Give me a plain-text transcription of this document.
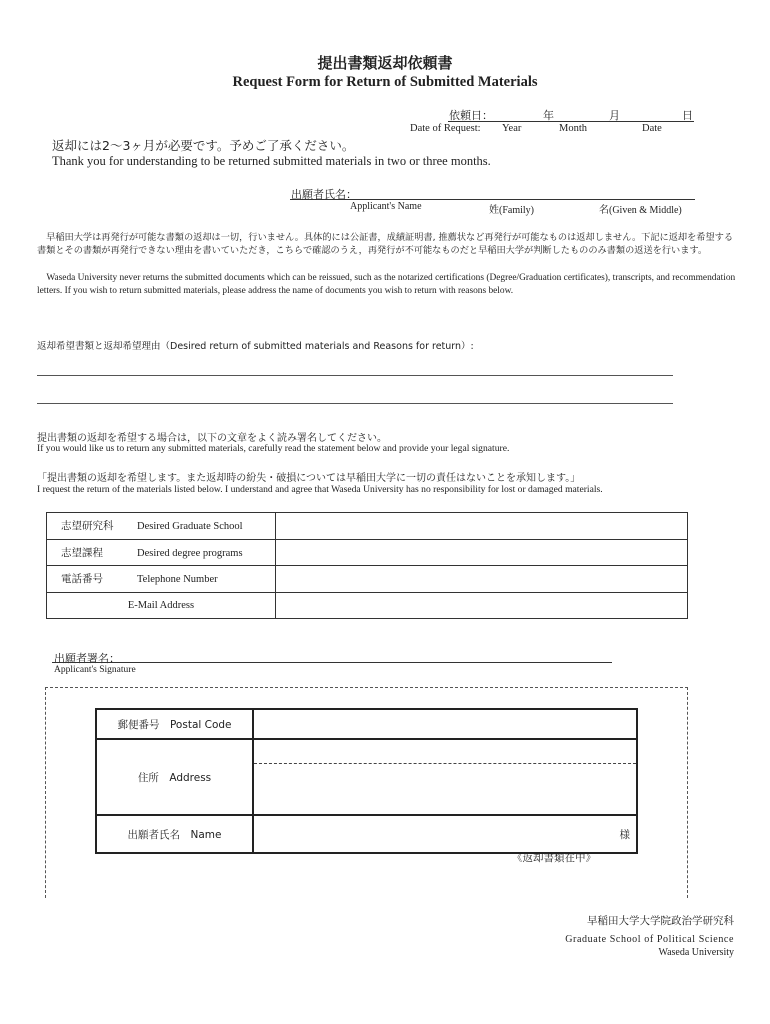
提出書類返却依頼書
Request Form for Return of Submitted Materials
依頼日：	年	月	日
Date of Request: Year	Month	Date
返却には2～3ヶ月が必要です。予めご了承ください。
Thank you for understanding to be returned submitted materials in two or three months.
出願者氏名：
Applicant's Name	姓(Family)	名(Given & Middle)
　早稲田大学は再発行が可能な書類の返却は一切，行いません。具体的には公証書，成績証明書, 推薦状など再発行が可能なものは返却しません。下記に返却を希望する書類とその書類が再発行できない理由を書いていただき，こちらで確認のうえ，再発行が不可能なものだと早稲田大学が判断したもののみ書類の返送を行います。
　Waseda University never returns the submitted documents which can be reissued, such as the notarized certifications (Degree/Graduation certificates), transcripts, and recommendation letters. If you wish to return submitted materials, please address the name of documents you wish to return with reasons below.
返却希望書類と返却希望理由（Desired return of submitted materials and Reasons for return）:
提出書類の返却を希望する場合は，以下の文章をよく読み署名してください。
If you would like us to return any submitted materials, carefully read the statement below and provide your legal signature.
「提出書類の返却を希望します。また返却時の紛失・破損については早稲田大学に一切の責任はないことを承知します。」
I request the return of the materials listed below. I understand and agree that Waseda University has no responsibility for lost or damaged materials.
志望研究科 Desired Graduate School	

志望課程 Desired degree programs	

電話番号 Telephone Number	

E-Mail Address	
出願者署名：
Applicant's Signature
郵便番号　Postal Code	
住所　Address	

出願者氏名　Name	様
《返却書類在中》
早稲田大学大学院政治学研究科
Graduate School of Political Science
Waseda University
